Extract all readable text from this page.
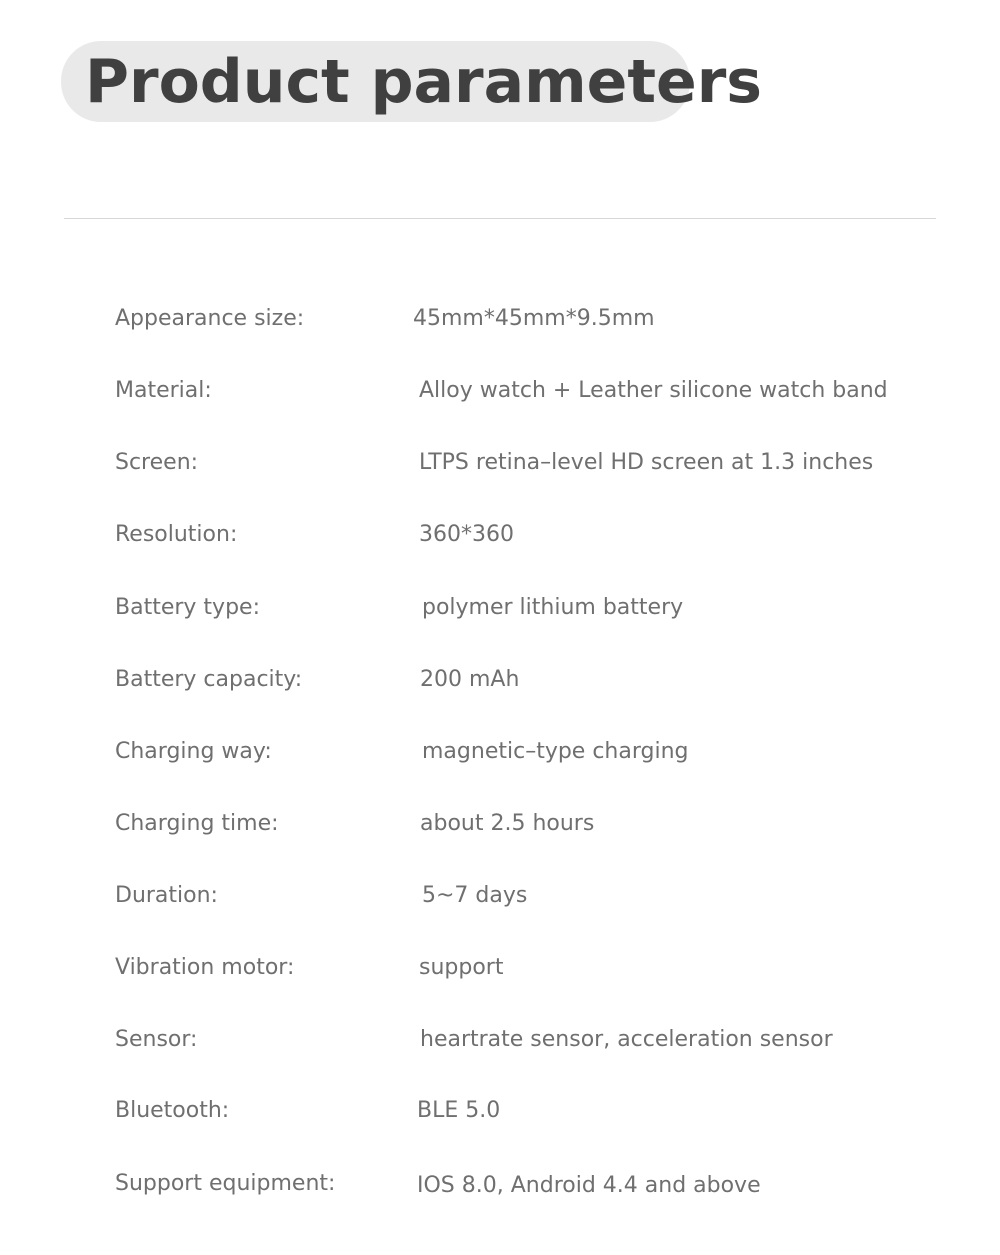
Product parameters
Appearance size:	45mm*45mm*9.5mm
Material:	Alloy watch + Leather silicone watch band
Screen:	LTPS retina–level HD screen at 1.3 inches
Resolution:	360*360
Battery type:	polymer lithium battery
Battery capacity:	200 mAh
Charging way:	magnetic–type charging
Charging time:	about 2.5 hours
Duration:	5~7 days
Vibration motor:	support
Sensor:	heartrate sensor, acceleration sensor
Bluetooth:	BLE 5.0
Support equipment:	IOS 8.0, Android 4.4 and above
